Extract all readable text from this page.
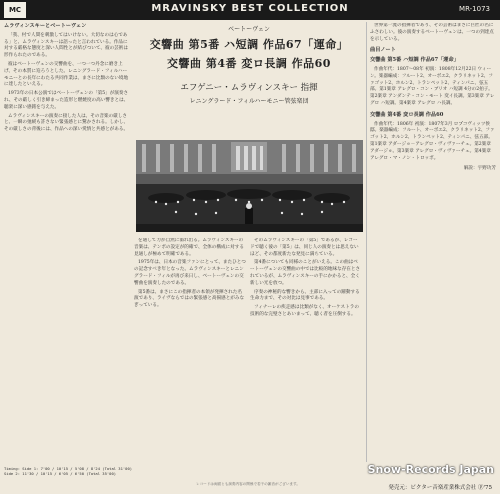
MC	MRAVINSKY BEST COLLECTION	MR-1073
ムラヴィンスキーとベートーヴェン

「我、村で人間を刺激してはいけない。大切なのは心である」と、ムラヴィンスキーは語ったと言われている。作品に対する厳格な態度と深い人間性とが結びついて、彼の芸術は形作られたのである。

彼はベートーヴェンの交響曲を、一つ一つ丹念に磨き上げ、その本質に迫ろうとした。レニングラード・フィルハーモニーとの長年にわたる共同作業は、まさに比類のない境地に達したといえる。

1973年の日本公演ではベートーヴェンの「第5」が演奏され、その厳しく引き締まった造形と燃焼度の高い響きとは、聴衆に深い感銘を与えた。

ムラヴィンスキーの演奏に接した人は、その音楽の厳しさと、一瞬の弛緩も許さない緊張感とに驚かされる。しかし、その厳しさの背後には、作品への深い愛情と共感とがある。

ベートーヴェン
交響曲 第5番 ハ短調 作品67「運命」
交響曲 第4番 変ロ長調 作品60
エフゲニー・ムラヴィンスキー 指揮
レニングラード・フィルハーモニー管弦楽団

を通して力が自然に溢れ出る。ムラヴィンスキーの音楽は、テンポの設定が的確で、全体の構成に対する見通しが極めて明確である。

1975年は、日本の音楽ファンにとって、またひとつの記念すべき年となった。ムラヴィンスキーとレニングラード・フィルが再び来日し、ベートーヴェンの交響曲を演奏したのである。

第5番は、まさにこの指揮者の本領が発揮された名演であり、ライヴならではの緊張感と高揚感とがみなぎっている。

そのムラヴィンスキーの「第5」であるが、レコードで聴く彼の「第5」は、同じ人の演奏とは思えないほど、その都度新たな発見に満ちている。

第4番についても同様のことがいえる。この曲はベートーヴェンの交響曲の中では比較的地味な存在とされているが、ムラヴィンスキーの手にかかると、全く新しい光を放つ。

序奏の神秘的な響きから、主部に入っての躍動する生命力まで、その対比は見事である。

フィナーレの疾走感は比類がなく、オーケストラの技術的な完璧さとあいまって、聴く者を圧倒する。

世界第一流の指揮者であり、その芸術はまさに巨匠の名にふさわしい。彼の演奏するベートーヴェンは、一つの到達点を示している。

曲目ノート
交響曲 第5番 ハ短調 作品67「運命」

作曲年代：1807～08年 初演：1808年12月22日 ウィーン。楽器編成：フルート2、オーボエ2、クラリネット2、ファゴット2、ホルン2、トランペット2、ティンパニ、弦五部。第1楽章 アレグロ・コン・ブリオ ハ短調 4分の2拍子。第2楽章 アンダンテ・コン・モート 変イ長調。第3楽章 アレグロ ハ短調。第4楽章 アレグロ ハ長調。

交響曲 第4番 変ロ長調 作品60

作曲年代：1806年 初演：1807年3月 ロプコヴィッツ侯邸。楽器編成：フルート、オーボエ2、クラリネット2、ファゴット2、ホルン2、トランペット2、ティンパニ、弦五部。第1楽章 アダージョ－アレグロ・ヴィヴァーチェ。第2楽章 アダージョ。第3楽章 アレグロ・ヴィヴァーチェ。第4楽章 アレグロ・マ・ノン・トロッポ。

解説：宇野功芳
Timing: Side 1: 7'00 / 10'15 / 5'08 / 8'24 (Total 31'00)
Side 2: 11'30 / 10'15 / 6'05 / 6'50 (Total 35'00)
レコードは両面とも演奏内容の関係で若干の雑音がございます。
Snow-Records Japan
発売元：ビクター音楽産業株式会社 ⓟ'75
